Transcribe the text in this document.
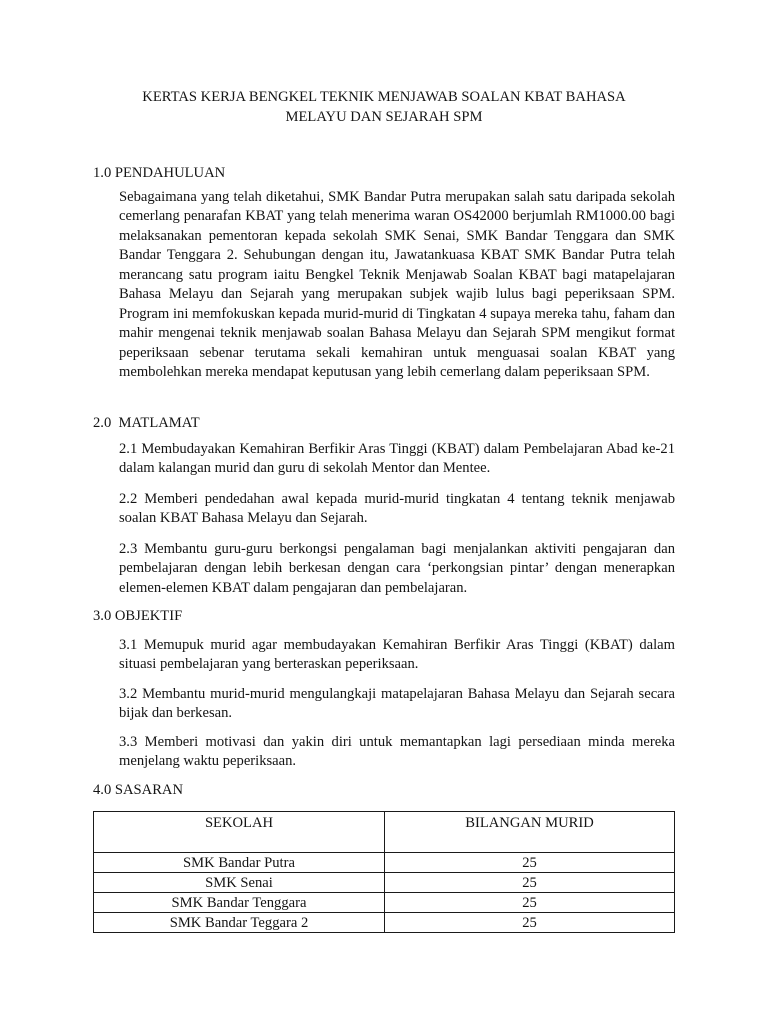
KERTAS KERJA BENGKEL TEKNIK MENJAWAB SOALAN KBAT BAHASA
MELAYU DAN SEJARAH SPM
1.0 PENDAHULUAN

Sebagaimana yang telah diketahui, SMK Bandar Putra merupakan salah satu daripada sekolah cemerlang penarafan KBAT yang telah menerima waran OS42000 berjumlah RM1000.00 bagi melaksanakan pementoran kepada sekolah SMK Senai, SMK Bandar Tenggara dan SMK Bandar Tenggara 2. Sehubungan dengan itu, Jawatankuasa KBAT SMK Bandar Putra telah merancang satu program iaitu Bengkel Teknik Menjawab Soalan KBAT bagi matapelajaran Bahasa Melayu dan Sejarah yang merupakan subjek wajib lulus bagi peperiksaan SPM. Program ini memfokuskan kepada murid-murid di Tingkatan 4 supaya mereka tahu, faham dan mahir mengenai teknik menjawab soalan Bahasa Melayu dan Sejarah SPM mengikut format peperiksaan sebenar terutama sekali kemahiran untuk menguasai soalan KBAT yang membolehkan mereka mendapat keputusan yang lebih cemerlang dalam peperiksaan SPM.

2.0  MATLAMAT

2.1 Membudayakan Kemahiran Berfikir Aras Tinggi (KBAT) dalam Pembelajaran Abad ke-21 dalam kalangan murid dan guru di sekolah Mentor dan Mentee.

2.2 Memberi pendedahan awal kepada murid-murid tingkatan 4 tentang teknik menjawab soalan KBAT Bahasa Melayu dan Sejarah.

2.3 Membantu guru-guru berkongsi pengalaman bagi menjalankan aktiviti pengajaran dan pembelajaran dengan lebih berkesan dengan cara ‘perkongsian pintar’ dengan menerapkan elemen-elemen KBAT dalam pengajaran dan pembelajaran.

3.0 OBJEKTIF

3.1 Memupuk murid agar membudayakan Kemahiran Berfikir Aras Tinggi (KBAT) dalam situasi pembelajaran yang berteraskan peperiksaan.

3.2 Membantu murid-murid mengulangkaji matapelajaran Bahasa Melayu dan Sejarah secara bijak dan berkesan.

3.3 Memberi motivasi dan yakin diri untuk memantapkan lagi persediaan minda mereka menjelang waktu peperiksaan.

4.0 SASARAN
SEKOLAH	BILANGAN MURID
SMK Bandar Putra	25
SMK Senai	25
SMK Bandar Tenggara	25
SMK Bandar Teggara 2	25
